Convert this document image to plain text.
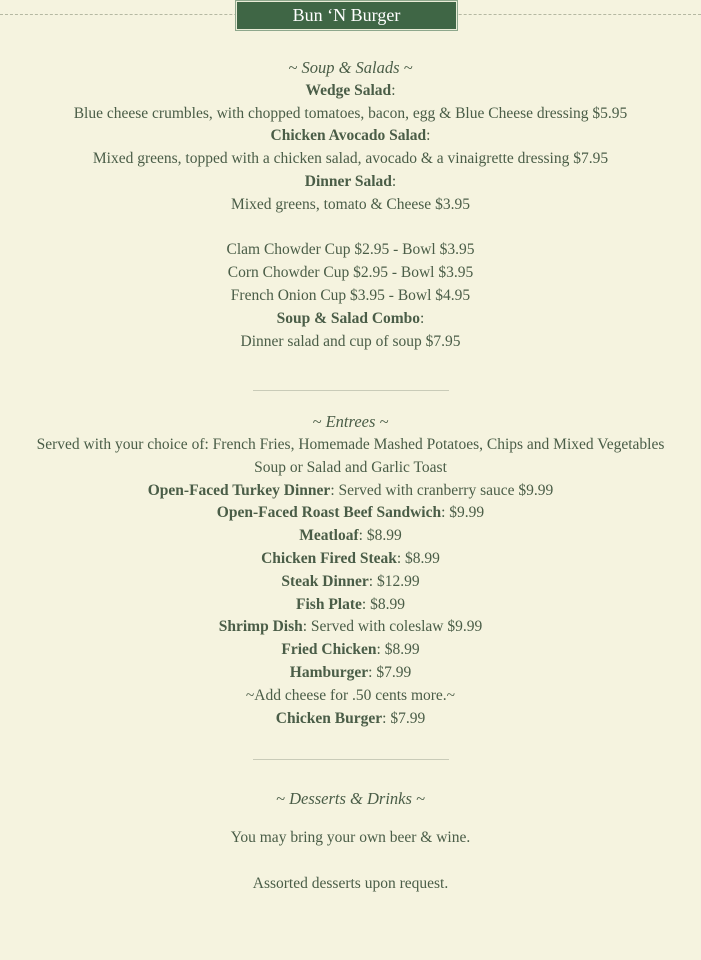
Bun ‘N Burger
~ Soup & Salads ~
Wedge Salad:
Blue cheese crumbles, with chopped tomatoes, bacon, egg & Blue Cheese dressing $5.95
Chicken Avocado Salad:
Mixed greens, topped with a chicken salad, avocado & a vinaigrette dressing $7.95
Dinner Salad:
Mixed greens, tomato & Cheese $3.95
Clam Chowder Cup $2.95 - Bowl $3.95
Corn Chowder Cup $2.95 - Bowl $3.95
French Onion Cup $3.95 - Bowl $4.95
Soup & Salad Combo:
Dinner salad and cup of soup $7.95
~ Entrees ~
Served with your choice of: French Fries, Homemade Mashed Potatoes, Chips and Mixed Vegetables
Soup or Salad and Garlic Toast
Open-Faced Turkey Dinner: Served with cranberry sauce $9.99
Open-Faced Roast Beef Sandwich: $9.99
Meatloaf: $8.99
Chicken Fired Steak: $8.99
Steak Dinner: $12.99
Fish Plate: $8.99
Shrimp Dish: Served with coleslaw $9.99
Fried Chicken: $8.99
Hamburger: $7.99
~Add cheese for .50 cents more.~
Chicken Burger: $7.99
~ Desserts & Drinks ~
You may bring your own beer & wine.
Assorted desserts upon request.
